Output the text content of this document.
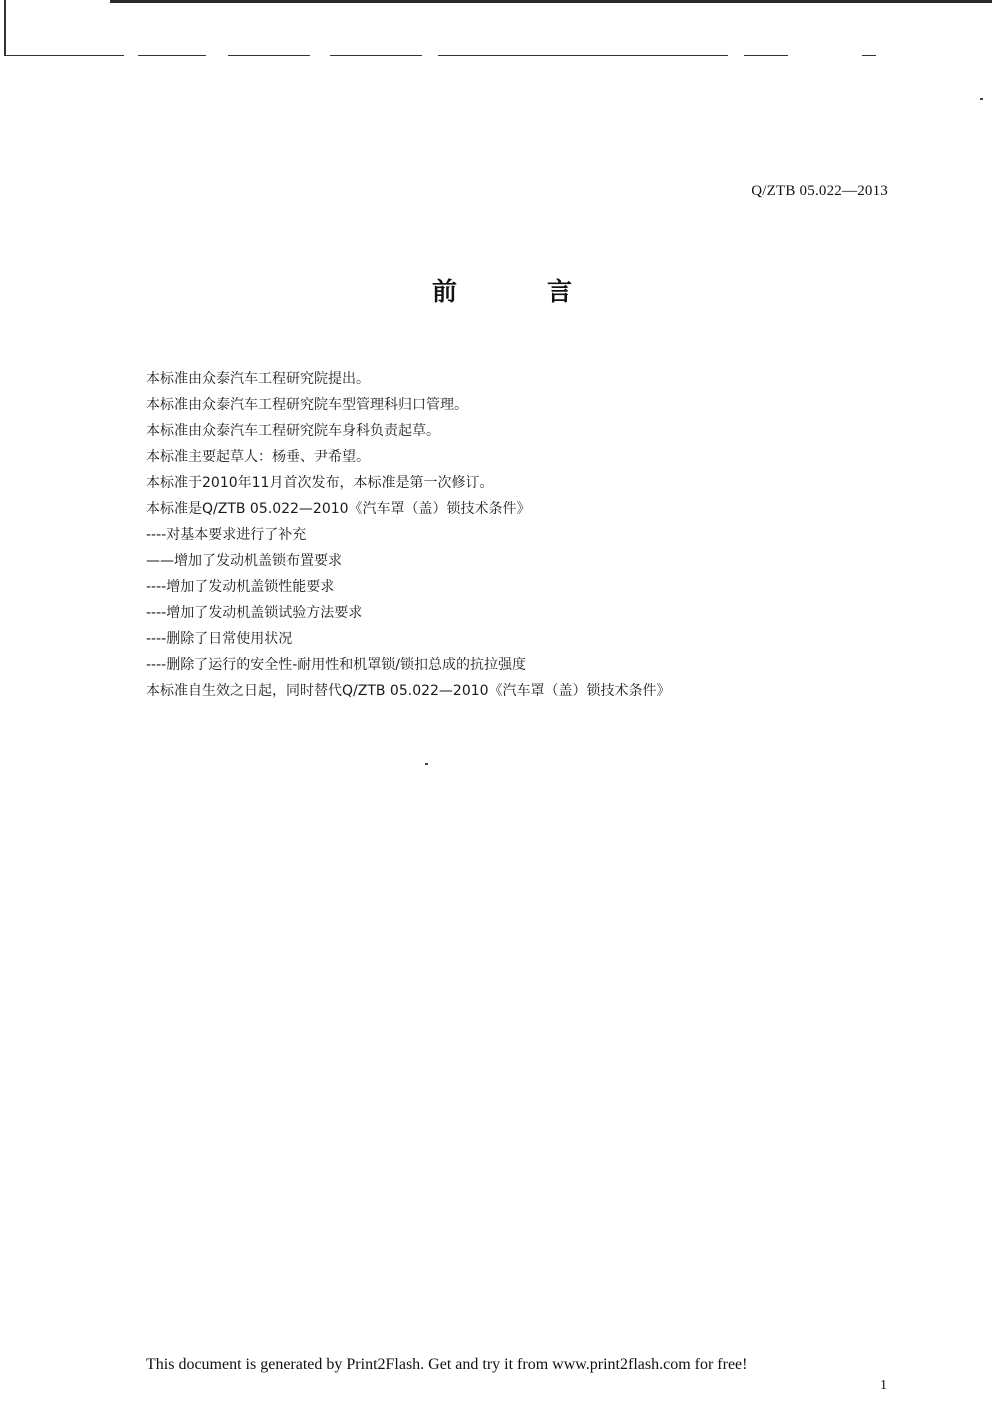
Q/ZTB 05.022—2013
前	言
本标准由众泰汽车工程研究院提出。
本标准由众泰汽车工程研究院车型管理科归口管理。
本标准由众泰汽车工程研究院车身科负责起草。
本标准主要起草人：杨垂、尹希望。
本标准于2010年11月首次发布，本标准是第一次修订。
本标准是Q/ZTB 05.022—2010《汽车罩（盖）锁技术条件》
----对基本要求进行了补充
——增加了发动机盖锁布置要求
----增加了发动机盖锁性能要求
----增加了发动机盖锁试验方法要求
----删除了日常使用状况
----删除了运行的安全性-耐用性和机罩锁/锁扣总成的抗拉强度
本标准自生效之日起，同时替代Q/ZTB 05.022—2010《汽车罩（盖）锁技术条件》
This document is generated by Print2Flash. Get and try it from www.print2flash.com for free!
1
